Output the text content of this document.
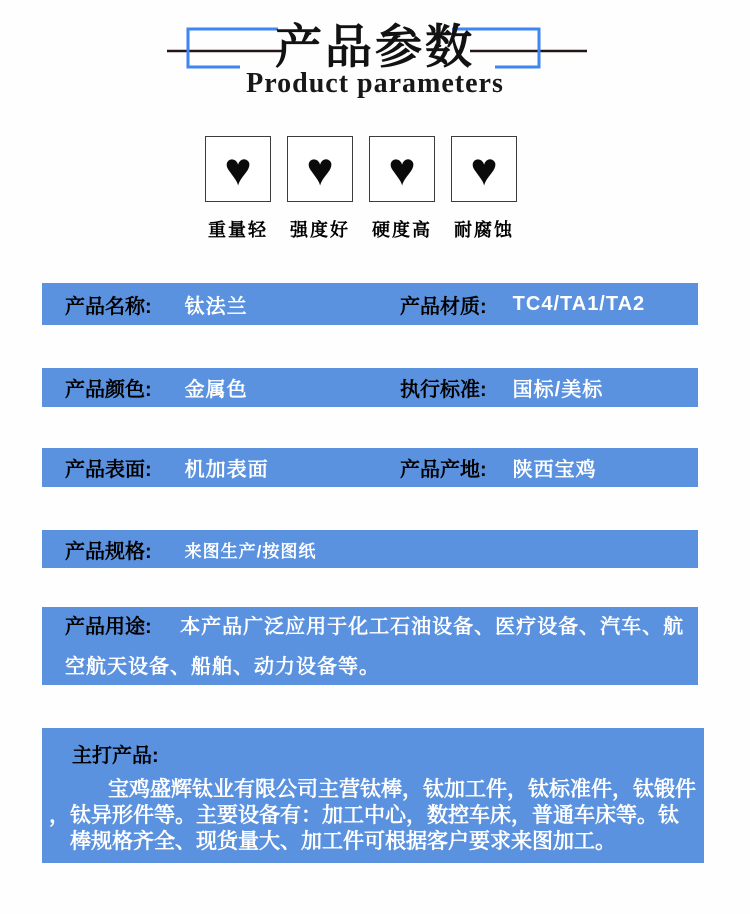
产品参数
Product parameters
♥
重量轻
♥
强度好
♥
硬度高
♥
耐腐蚀
产品名称: 钛法兰	产品材质: TC4/TA1/TA2
产品颜色: 金属色	执行标准: 国标/美标
产品表面: 机加表面	产品产地: 陕西宝鸡
产品规格: 来图生产/按图纸
产品用途: 本产品广泛应用于化工石油设备、医疗设备、汽车、航
空航天设备、船舶、动力设备等。
主打产品:
宝鸡盛辉钛业有限公司主营钛棒，钛加工件，钛标准件，钛锻件
，钛异形件等。主要设备有：加工中心，数控车床，普通车床等。钛
棒规格齐全、现货量大、加工件可根据客户要求来图加工。
